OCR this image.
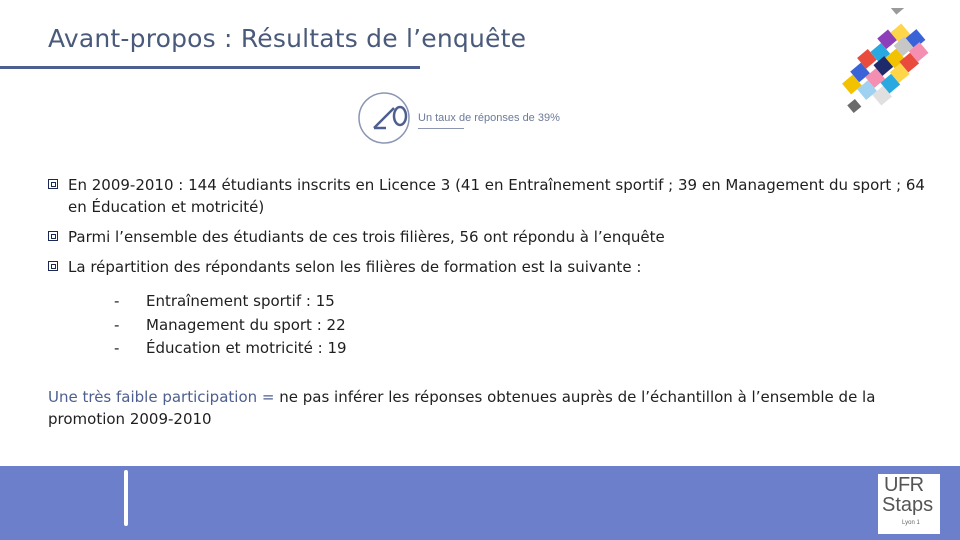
Avant-propos : Résultats de l’enquête
Un taux de réponses de 39%
En 2009-2010 : 144 étudiants inscrits en Licence 3 (41 en Entraînement sportif ; 39 en Management du sport ; 64 en Éducation et motricité)
Parmi l’ensemble des étudiants de ces trois filières, 56 ont répondu à l’enquête
La répartition des répondants selon les filières de formation est la suivante :
-	Entraînement sportif : 15
-	Management du sport : 22
-	Éducation et motricité : 19
Une très faible participation = ne pas inférer les réponses obtenues auprès de l’échantillon à l’ensemble de la promotion 2009-2010
UFR
Staps
Lyon 1
